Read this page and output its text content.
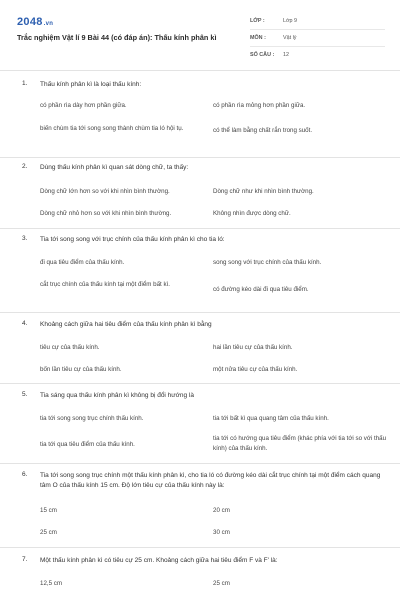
2048.vn
Trắc nghiệm Vật lí 9 Bài 44 (có đáp án): Thấu kính phân kì
LỚP :	Lớp 9
MÔN :	Vật lý
SỐ CÂU :	12
1. Thấu kính phân kì là loại thấu kính:
có phần rìa dày hơn phần giữa.	có phần rìa mỏng hơn phần giữa.
biến chùm tia tới song song thành chùm tia ló hội tụ.	có thể làm bằng chất rắn trong suốt.
2. Dùng thấu kính phân kì quan sát dòng chữ, ta thấy:
Dòng chữ lớn hơn so với khi nhìn bình thường.	Dòng chữ như khi nhìn bình thường.
Dòng chữ nhỏ hơn so với khi nhìn bình thường.	Không nhìn được dòng chữ.
3. Tia tới song song với trục chính của thấu kính phân kì cho tia ló:
đi qua tiêu điểm của thấu kính.	song song với trục chính của thấu kính.
cắt trục chính của thấu kính tại một điểm bất kì.
có đường kéo dài đi qua tiêu điểm.
4. Khoảng cách giữa hai tiêu điểm của thấu kính phân kì bằng
tiêu cự của thấu kính.	hai lần tiêu cự của thấu kính.
bốn lần tiêu cự của thấu kính.	một nửa tiêu cự của thấu kính.
5. Tia sáng qua thấu kính phân kì không bị đổi hướng là
tia tới song song trục chính thấu kính.	tia tới bất kì qua quang tâm của thấu kính.
tia tới qua tiêu điểm của thấu kính.
tia tới có hướng qua tiêu điểm (khác phía với tia tới so với thấu kính) của thấu kính.
6. Tia tới song song trục chính một thấu kính phân kì, cho tia ló có đường kéo dài cắt trục chính tại một điểm cách quang tâm O của thấu kính 15 cm. Độ lớn tiêu cự của thấu kính này là:
15 cm	20 cm
25 cm	30 cm
7. Một thấu kính phân kì có tiêu cự 25 cm. Khoảng cách giữa hai tiêu điểm F và F' là:
12,5 cm	25 cm
